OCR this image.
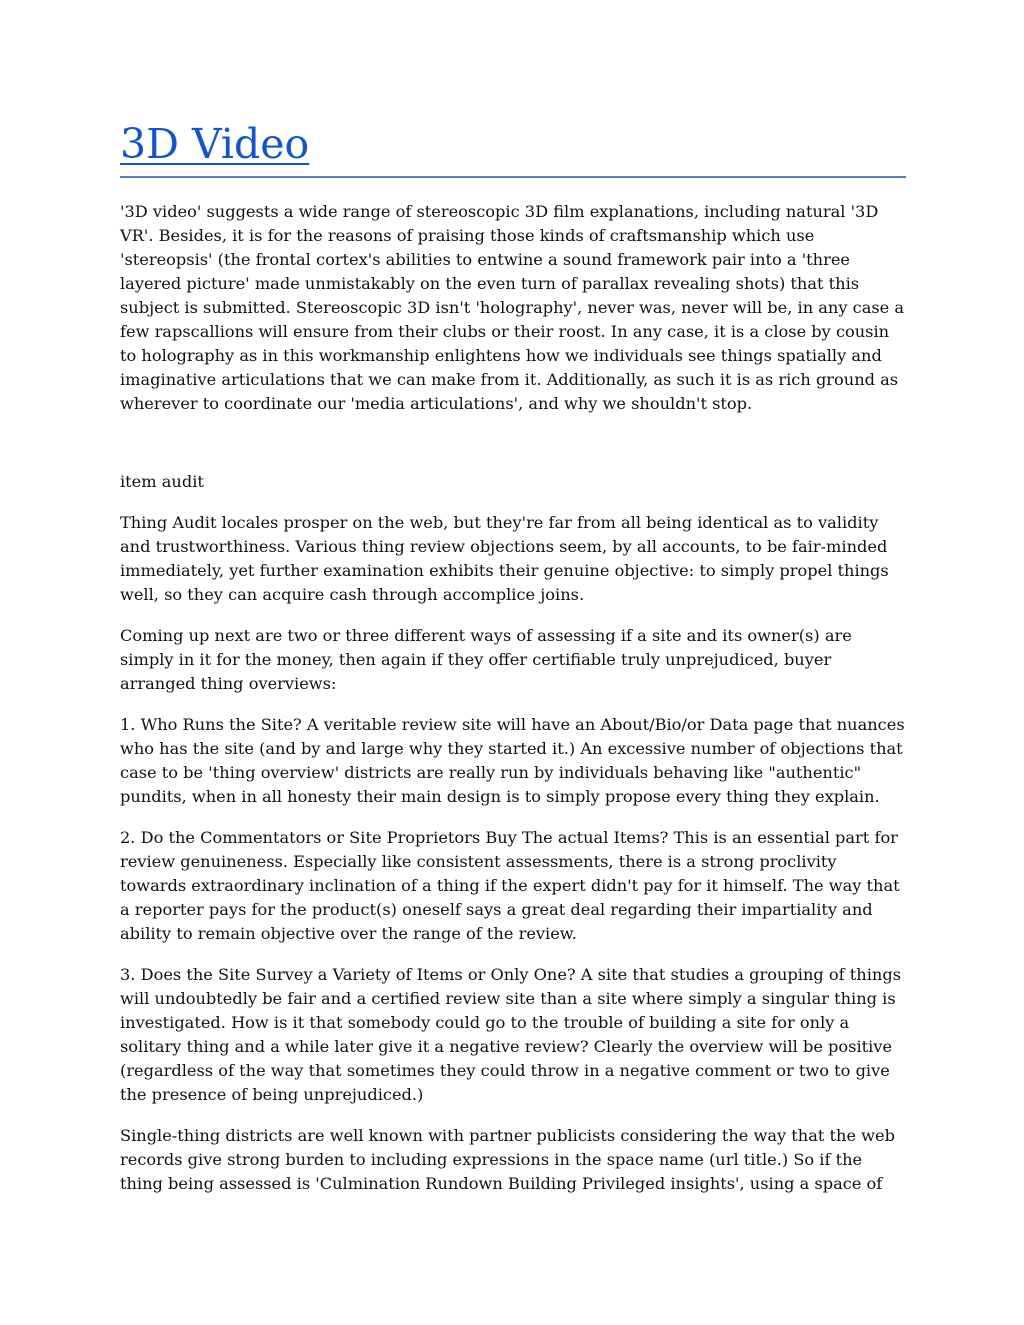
3D Video

'3D video' suggests a wide range of stereoscopic 3D film explanations, including natural '3D VR'. Besides, it is for the reasons of praising those kinds of craftsmanship which use 'stereopsis' (the frontal cortex's abilities to entwine a sound framework pair into a 'three layered picture' made unmistakably on the even turn of parallax revealing shots) that this subject is submitted. Stereoscopic 3D isn't 'holography', never was, never will be, in any case a few rapscallions will ensure from their clubs or their roost. In any case, it is a close by cousin to holography as in this workmanship enlightens how we individuals see things spatially and imaginative articulations that we can make from it. Additionally, as such it is as rich ground as wherever to coordinate our 'media articulations', and why we shouldn't stop.

item audit

Thing Audit locales prosper on the web, but they're far from all being identical as to validity and trustworthiness. Various thing review objections seem, by all accounts, to be fair-minded immediately, yet further examination exhibits their genuine objective: to simply propel things well, so they can acquire cash through accomplice joins.

Coming up next are two or three different ways of assessing if a site and its owner(s) are simply in it for the money, then again if they offer certifiable truly unprejudiced, buyer arranged thing overviews:

1. Who Runs the Site? A veritable review site will have an About/Bio/or Data page that nuances who has the site (and by and large why they started it.) An excessive number of objections that case to be 'thing overview' districts are really run by individuals behaving like "authentic" pundits, when in all honesty their main design is to simply propose every thing they explain.

2. Do the Commentators or Site Proprietors Buy The actual Items? This is an essential part for review genuineness. Especially like consistent assessments, there is a strong proclivity towards extraordinary inclination of a thing if the expert didn't pay for it himself. The way that a reporter pays for the product(s) oneself says a great deal regarding their impartiality and ability to remain objective over the range of the review.

3. Does the Site Survey a Variety of Items or Only One? A site that studies a grouping of things will undoubtedly be fair and a certified review site than a site where simply a singular thing is investigated. How is it that somebody could go to the trouble of building a site for only a solitary thing and a while later give it a negative review? Clearly the overview will be positive (regardless of the way that sometimes they could throw in a negative comment or two to give the presence of being unprejudiced.)

Single-thing districts are well known with partner publicists considering the way that the web records give strong burden to including expressions in the space name (url title.) So if the thing being assessed is 'Culmination Rundown Building Privileged insights', using a space of
